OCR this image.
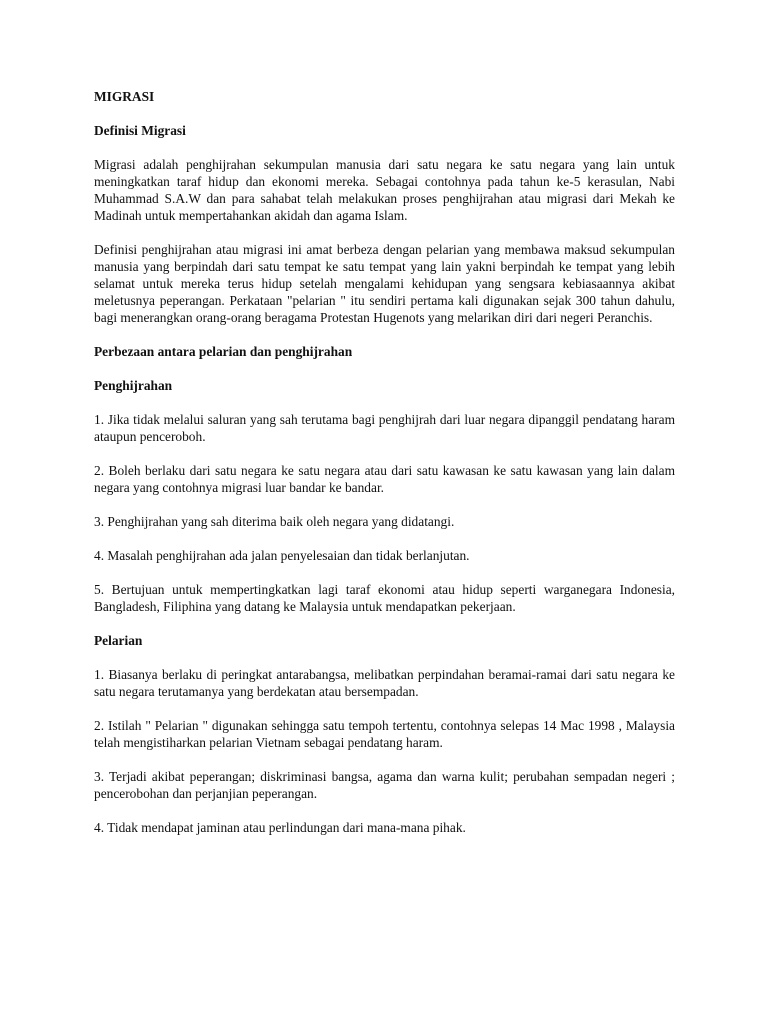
MIGRASI

Definisi Migrasi

Migrasi adalah penghijrahan sekumpulan manusia dari satu negara ke satu negara yang lain untuk meningkatkan taraf hidup dan ekonomi mereka. Sebagai contohnya pada tahun ke-5 kerasulan, Nabi Muhammad S.A.W dan para sahabat telah melakukan proses penghijrahan atau migrasi dari Mekah ke Madinah untuk mempertahankan akidah dan agama Islam.

Definisi penghijrahan atau migrasi ini amat berbeza dengan pelarian yang membawa maksud sekumpulan manusia yang berpindah dari satu tempat ke satu tempat yang lain yakni berpindah ke tempat yang lebih selamat untuk mereka terus hidup setelah mengalami kehidupan yang sengsara kebiasaannya akibat meletusnya peperangan. Perkataan "pelarian " itu sendiri pertama kali digunakan sejak 300 tahun dahulu, bagi menerangkan orang-orang beragama Protestan Hugenots yang melarikan diri dari negeri Peranchis.

Perbezaan antara pelarian dan penghijrahan

Penghijrahan

1. Jika tidak melalui saluran yang sah terutama bagi penghijrah dari luar negara dipanggil pendatang haram ataupun penceroboh.

2. Boleh berlaku dari satu negara ke satu negara atau dari satu kawasan ke satu kawasan yang lain dalam negara yang contohnya migrasi luar bandar ke bandar.

3. Penghijrahan yang sah diterima baik oleh negara yang didatangi.

4. Masalah penghijrahan ada jalan penyelesaian dan tidak berlanjutan.

5. Bertujuan untuk mempertingkatkan lagi taraf ekonomi atau hidup seperti warganegara Indonesia, Bangladesh, Filiphina yang datang ke Malaysia untuk mendapatkan pekerjaan.

Pelarian

1. Biasanya berlaku di peringkat antarabangsa, melibatkan perpindahan beramai-ramai dari satu negara ke satu negara terutamanya yang berdekatan atau bersempadan.

2. Istilah " Pelarian " digunakan sehingga satu tempoh tertentu, contohnya selepas 14 Mac 1998 , Malaysia telah mengistiharkan pelarian Vietnam sebagai pendatang haram.

3. Terjadi akibat peperangan; diskriminasi bangsa, agama dan warna kulit; perubahan sempadan negeri ; pencerobohan dan perjanjian peperangan.

4. Tidak mendapat jaminan atau perlindungan dari mana-mana pihak.
